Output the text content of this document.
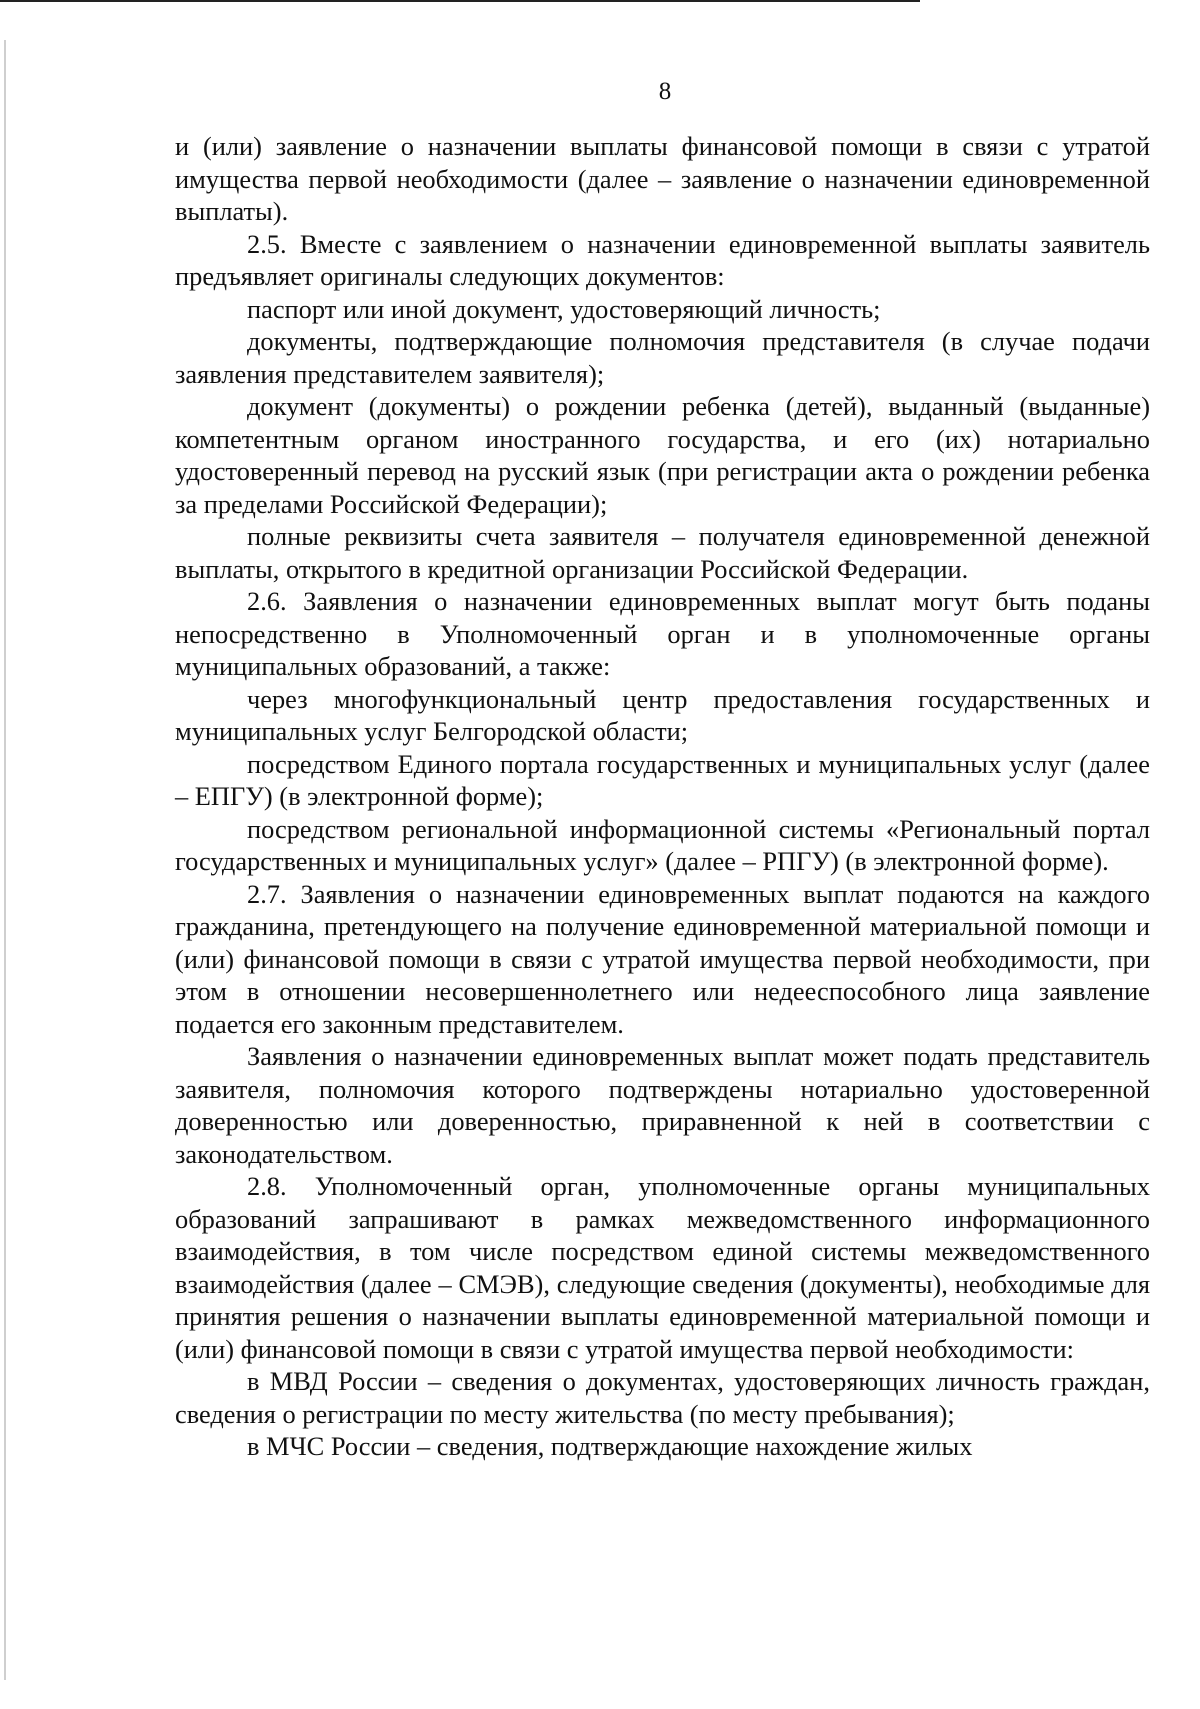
8

и (или) заявление о назначении выплаты финансовой помощи в связи с утратой имущества первой необходимости (далее – заявление о назначении единовременной выплаты).

2.5. Вместе с заявлением о назначении единовременной выплаты заявитель предъявляет оригиналы следующих документов:

паспорт или иной документ, удостоверяющий личность;

документы, подтверждающие полномочия представителя (в случае подачи заявления представителем заявителя);

документ (документы) о рождении ребенка (детей), выданный (выданные) компетентным органом иностранного государства, и его (их) нотариально удостоверенный перевод на русский язык (при регистрации акта о рождении ребенка за пределами Российской Федерации);

полные реквизиты счета заявителя – получателя единовременной денежной выплаты, открытого в кредитной организации Российской Федерации.

2.6. Заявления о назначении единовременных выплат могут быть поданы непосредственно в Уполномоченный орган и в уполномоченные органы муниципальных образований, а также:

через многофункциональный центр предоставления государственных и муниципальных услуг Белгородской области;

посредством Единого портала государственных и муниципальных услуг (далее – ЕПГУ) (в электронной форме);

посредством региональной информационной системы «Региональный портал государственных и муниципальных услуг» (далее – РПГУ) (в электронной форме).

2.7. Заявления о назначении единовременных выплат подаются на каждого гражданина, претендующего на получение единовременной материальной помощи и (или) финансовой помощи в связи с утратой имущества первой необходимости, при этом в отношении несовершеннолетнего или недееспособного лица заявление подается его законным представителем.

Заявления о назначении единовременных выплат может подать представитель заявителя, полномочия которого подтверждены нотариально удостоверенной доверенностью или доверенностью, приравненной к ней в соответствии с законодательством.

2.8. Уполномоченный орган, уполномоченные органы муниципальных образований запрашивают в рамках межведомственного информационного взаимодействия, в том числе посредством единой системы межведомственного взаимодействия (далее – СМЭВ), следующие сведения (документы), необходимые для принятия решения о назначении выплаты единовременной материальной помощи и (или) финансовой помощи в связи с утратой имущества первой необходимости:

в МВД России – сведения о документах, удостоверяющих личность граждан, сведения о регистрации по месту жительства (по месту пребывания);

в МЧС России – сведения, подтверждающие нахождение жилых
